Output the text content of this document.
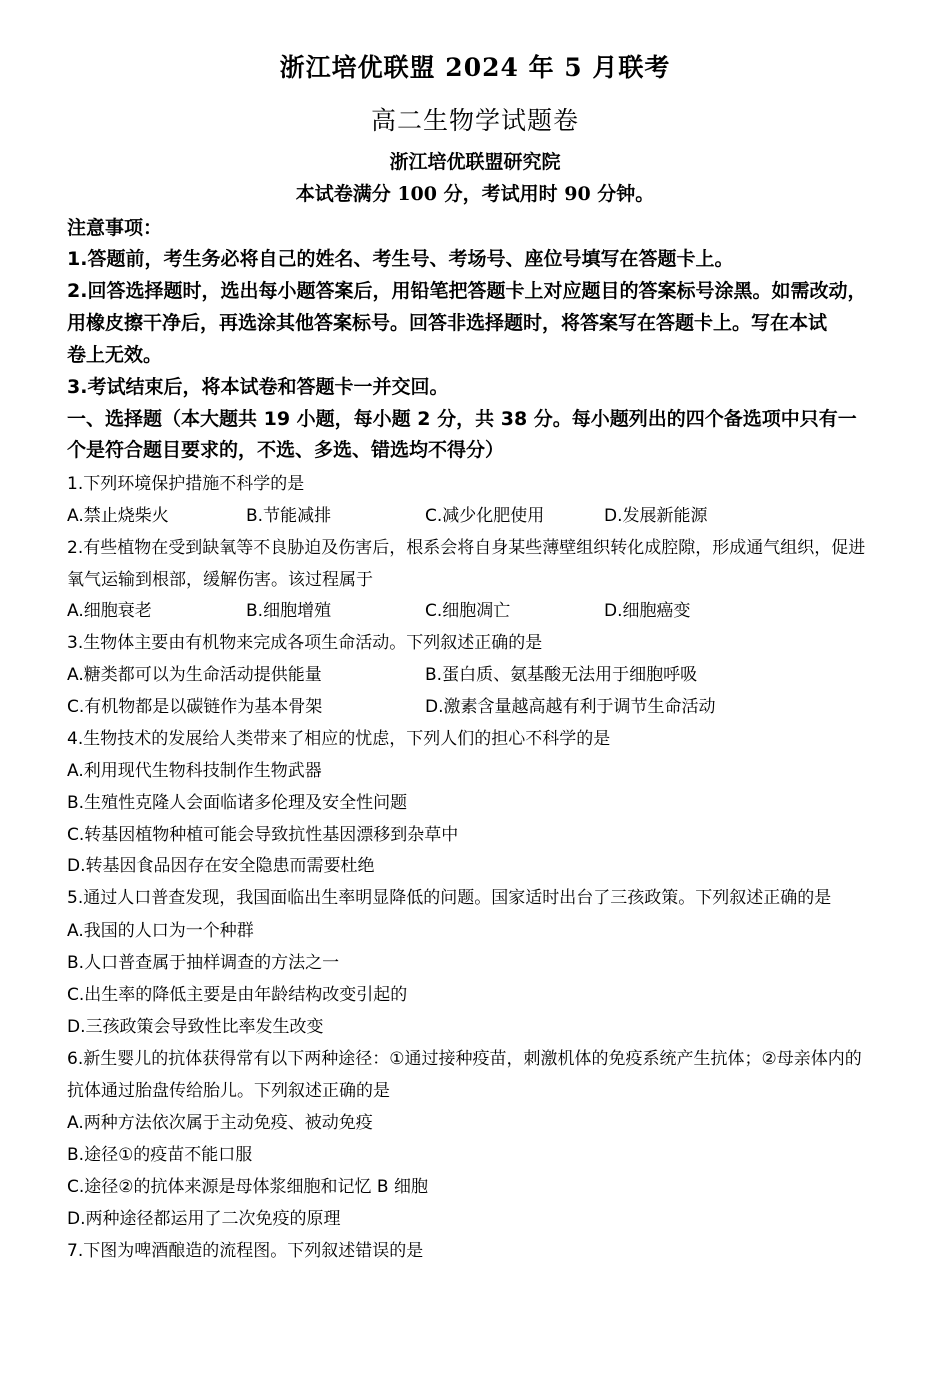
浙江培优联盟 2024 年 5 月联考
高二生物学试题卷
浙江培优联盟研究院
本试卷满分 100 分，考试用时 90 分钟。
注意事项：
1.答题前，考生务必将自己的姓名、考生号、考场号、座位号填写在答题卡上。
2.回答选择题时，选出每小题答案后，用铅笔把答题卡上对应题目的答案标号涂黑。如需改动，
用橡皮擦干净后，再选涂其他答案标号。回答非选择题时，将答案写在答题卡上。写在本试
卷上无效。
3.考试结束后，将本试卷和答题卡一并交回。
一、选择题（本大题共 19 小题，每小题 2 分，共 38 分。每小题列出的四个备选项中只有一
个是符合题目要求的，不选、多选、错选均不得分）
1.下列环境保护措施不科学的是
A.禁止烧柴火	B.节能减排	C.减少化肥使用	D.发展新能源
2.有些植物在受到缺氧等不良胁迫及伤害后，根系会将自身某些薄壁组织转化成腔隙，形成通气组织，促进
氧气运输到根部，缓解伤害。该过程属于
A.细胞衰老	B.细胞增殖	C.细胞凋亡	D.细胞癌变
3.生物体主要由有机物来完成各项生命活动。下列叙述正确的是
A.糖类都可以为生命活动提供能量	B.蛋白质、氨基酸无法用于细胞呼吸
C.有机物都是以碳链作为基本骨架	D.激素含量越高越有利于调节生命活动
4.生物技术的发展给人类带来了相应的忧虑，下列人们的担心不科学的是
A.利用现代生物科技制作生物武器
B.生殖性克隆人会面临诸多伦理及安全性问题
C.转基因植物种植可能会导致抗性基因漂移到杂草中
D.转基因食品因存在安全隐患而需要杜绝
5.通过人口普查发现，我国面临出生率明显降低的问题。国家适时出台了三孩政策。下列叙述正确的是
A.我国的人口为一个种群
B.人口普查属于抽样调查的方法之一
C.出生率的降低主要是由年龄结构改变引起的
D.三孩政策会导致性比率发生改变
6.新生婴儿的抗体获得常有以下两种途径：①通过接种疫苗，刺激机体的免疫系统产生抗体；②母亲体内的
抗体通过胎盘传给胎儿。下列叙述正确的是
A.两种方法依次属于主动免疫、被动免疫
B.途径①的疫苗不能口服
C.途径②的抗体来源是母体浆细胞和记忆 B 细胞
D.两种途径都运用了二次免疫的原理
7.下图为啤酒酿造的流程图。下列叙述错误的是
